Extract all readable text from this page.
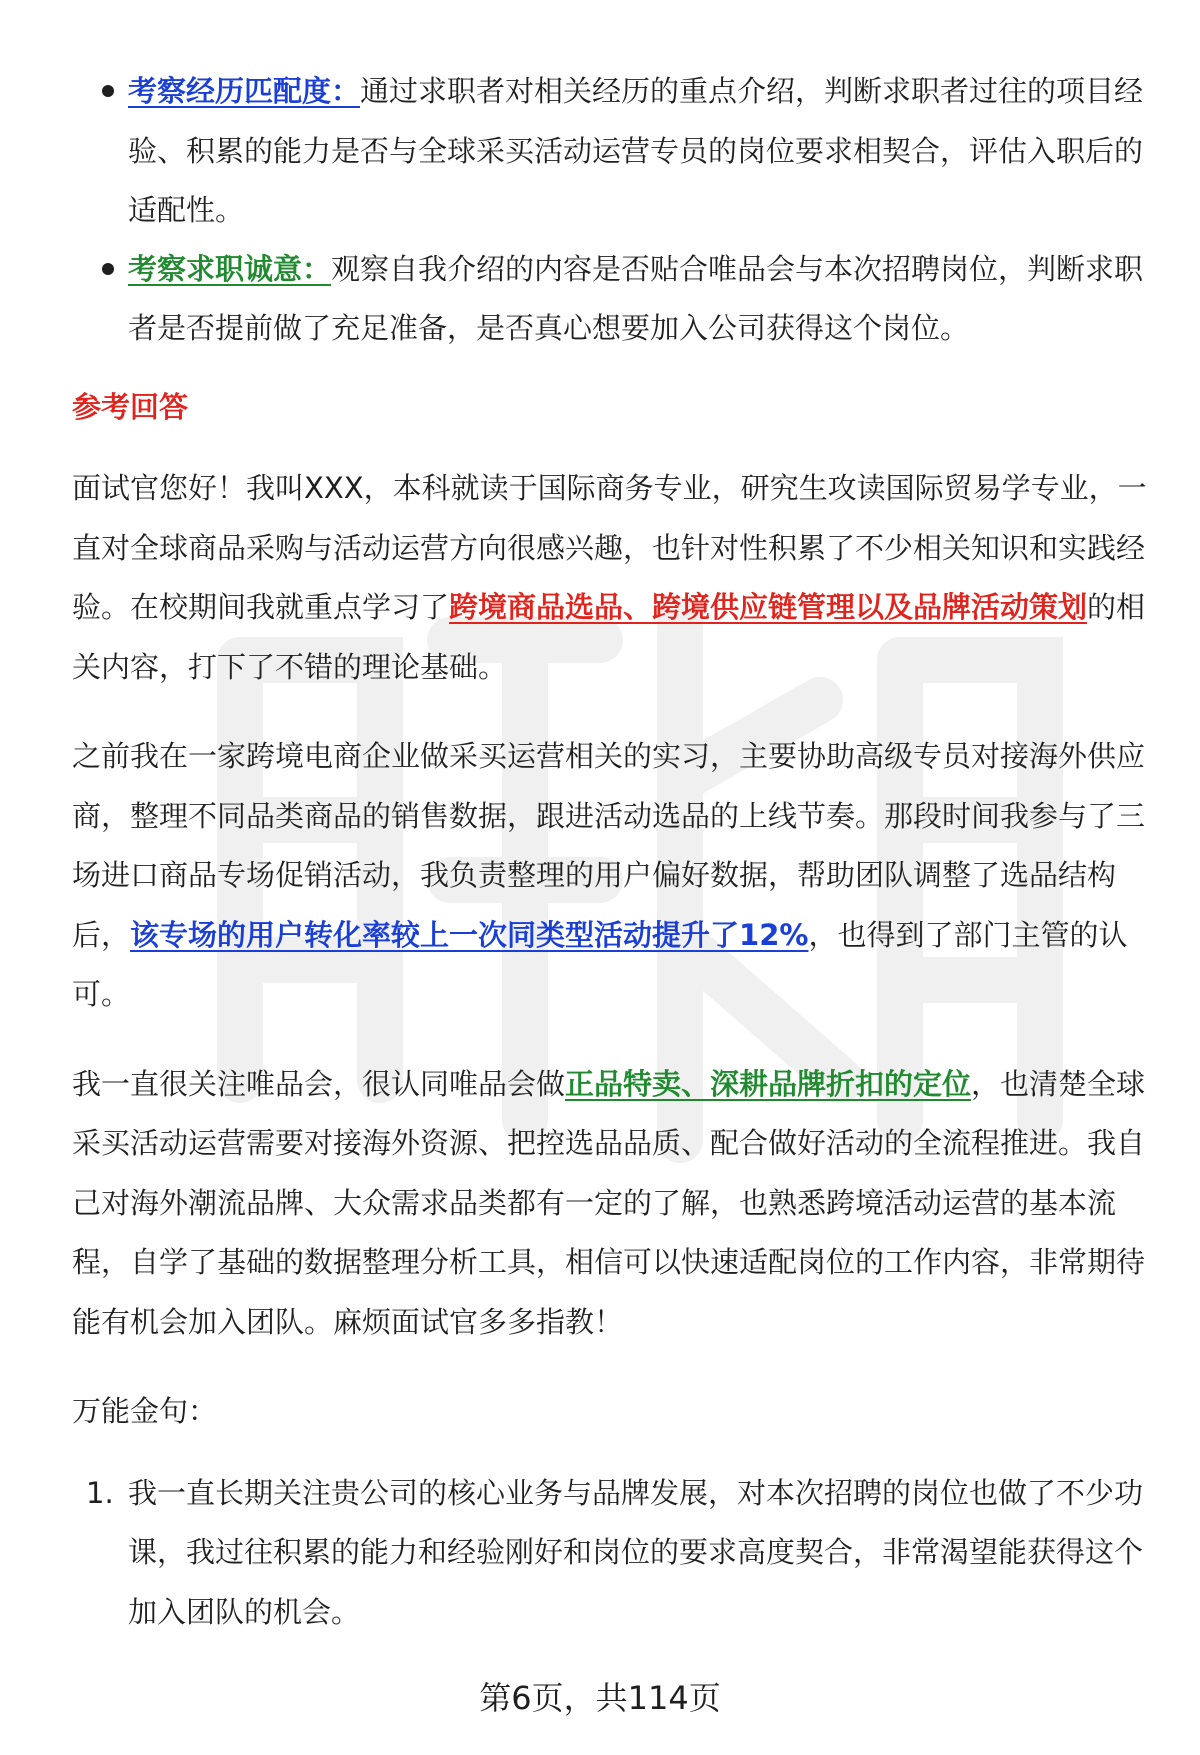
考察经历匹配度：通过求职者对相关经历的重点介绍，判断求职者过往的项目经验、积累的能力是否与全球采买活动运营专员的岗位要求相契合，评估入职后的适配性。
考察求职诚意：观察自我介绍的内容是否贴合唯品会与本次招聘岗位，判断求职者是否提前做了充足准备，是否真心想要加入公司获得这个岗位。
参考回答

面试官您好！我叫XXX，本科就读于国际商务专业，研究生攻读国际贸易学专业，一直对全球商品采购与活动运营方向很感兴趣，也针对性积累了不少相关知识和实践经验。在校期间我就重点学习了跨境商品选品、跨境供应链管理以及品牌活动策划的相关内容，打下了不错的理论基础。

之前我在一家跨境电商企业做采买运营相关的实习，主要协助高级专员对接海外供应商，整理不同品类商品的销售数据，跟进活动选品的上线节奏。那段时间我参与了三场进口商品专场促销活动，我负责整理的用户偏好数据，帮助团队调整了选品结构后，该专场的用户转化率较上一次同类型活动提升了12%，也得到了部门主管的认可。

我一直很关注唯品会，很认同唯品会做正品特卖、深耕品牌折扣的定位，也清楚全球采买活动运营需要对接海外资源、把控选品品质、配合做好活动的全流程推进。我自己对海外潮流品牌、大众需求品类都有一定的了解，也熟悉跨境活动运营的基本流程，自学了基础的数据整理分析工具，相信可以快速适配岗位的工作内容，非常期待能有机会加入团队。麻烦面试官多多指教！

万能金句：

1. 我一直长期关注贵公司的核心业务与品牌发展，对本次招聘的岗位也做了不少功课，我过往积累的能力和经验刚好和岗位的要求高度契合，非常渴望能获得这个加入团队的机会。
第6页，共114页
